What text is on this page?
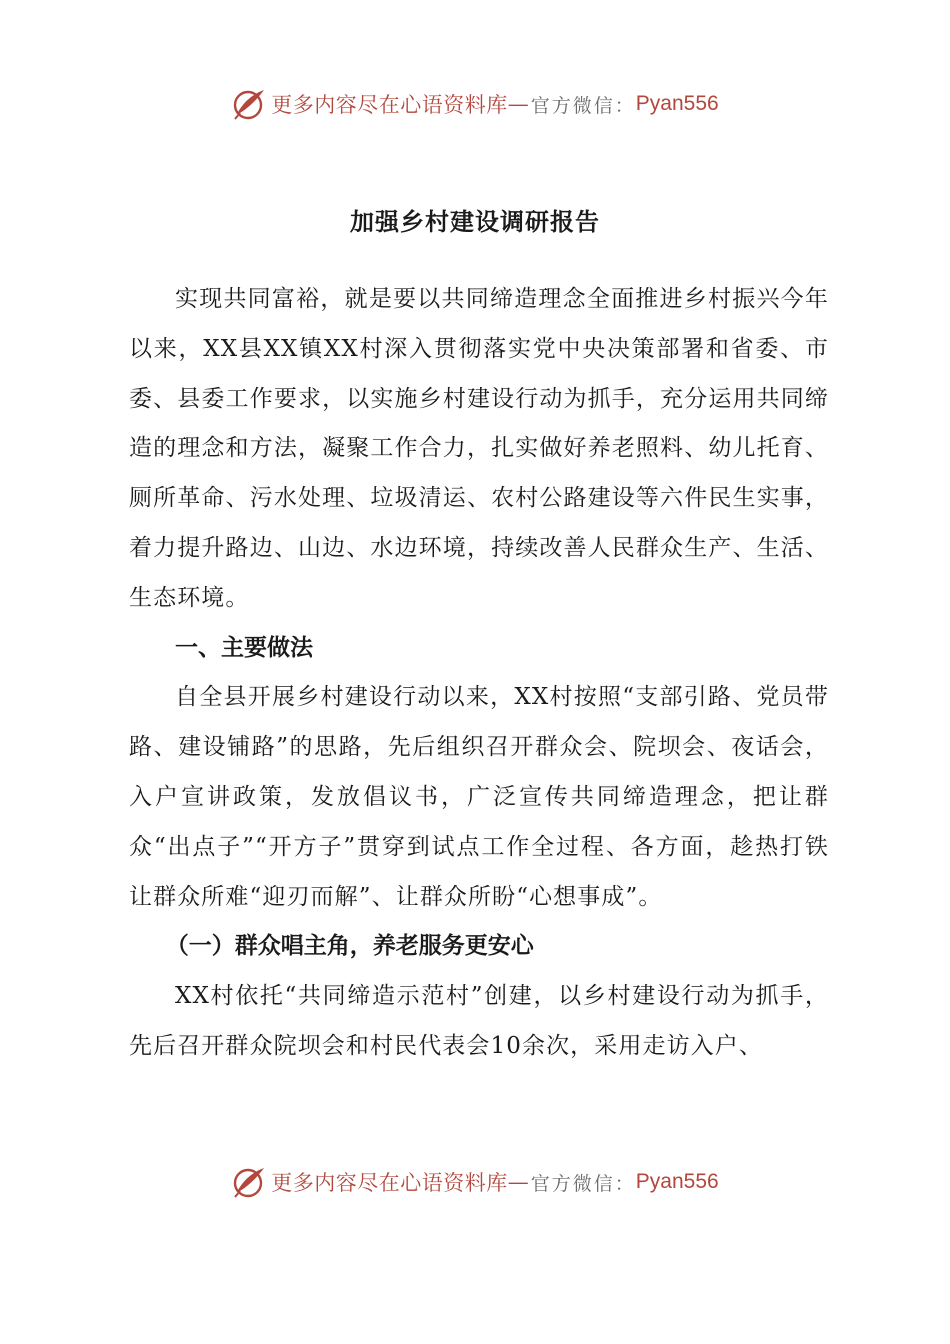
更多内容尽在心语资料库 — 官方微信： Pyan556
加强乡村建设调研报告

实现共同富裕，就是要以共同缔造理念全面推进乡村振兴今年以来，XX县XX镇XX村深入贯彻落实党中央决策部署和省委、市委、县委工作要求，以实施乡村建设行动为抓手，充分运用共同缔造的理念和方法，凝聚工作合力，扎实做好养老照料、幼儿托育、厕所革命、污水处理、垃圾清运、农村公路建设等六件民生实事，着力提升路边、山边、水边环境，持续改善人民群众生产、生活、生态环境。

一、主要做法

自全县开展乡村建设行动以来，XX村按照“支部引路、党员带路、建设铺路”的思路，先后组织召开群众会、院坝会、夜话会，入户宣讲政策，发放倡议书，广泛宣传共同缔造理念，把让群众“出点子”“开方子”贯穿到试点工作全过程、各方面，趁热打铁让群众所难“迎刃而解”、让群众所盼“心想事成”。

（一）群众唱主角，养老服务更安心

XX村依托“共同缔造示范村”创建，以乡村建设行动为抓手，先后召开群众院坝会和村民代表会10余次，采用走访入户、

更多内容尽在心语资料库 — 官方微信： Pyan556
